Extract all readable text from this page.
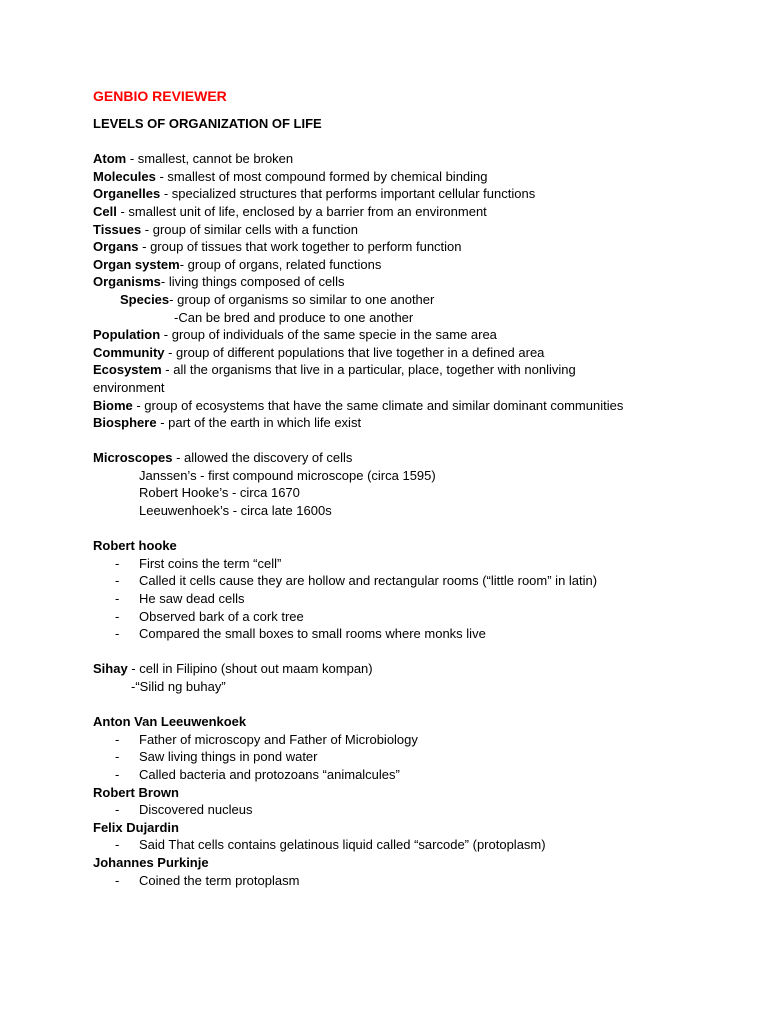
GENBIO REVIEWER
LEVELS OF ORGANIZATION OF LIFE
Atom - smallest, cannot be broken
Molecules - smallest of most compound formed by chemical binding
Organelles - specialized structures that performs important cellular functions
Cell - smallest unit of life, enclosed by a barrier from an environment
Tissues - group of similar cells with a function
Organs - group of tissues that work together to perform function
Organ system- group of organs, related functions
Organisms- living things composed of cells
Species- group of organisms so similar to one another
-Can be bred and produce to one another
Population - group of individuals of the same specie in the same area
Community - group of different populations that live together in a defined area
Ecosystem - all the organisms that live in a particular, place, together with nonliving environment
Biome - group of ecosystems that have the same climate and similar dominant communities
Biosphere - part of the earth in which life exist
Microscopes - allowed the discovery of cells
Janssen’s - first compound microscope (circa 1595)
Robert Hooke’s - circa 1670
Leeuwenhoek’s - circa late 1600s
Robert hooke
- First coins the term “cell”
- Called it cells cause they are hollow and rectangular rooms (“little room” in latin)
- He saw dead cells
- Observed bark of a cork tree
- Compared the small boxes to small rooms where monks live
Sihay - cell in Filipino (shout out maam kompan)
-“Silid ng buhay”
Anton Van Leeuwenkoek
- Father of microscopy and Father of Microbiology
- Saw living things in pond water
- Called bacteria and protozoans “animalcules”
Robert Brown
- Discovered nucleus
Felix Dujardin
- Said That cells contains gelatinous liquid called “sarcode” (protoplasm)
Johannes Purkinje
- Coined the term protoplasm
